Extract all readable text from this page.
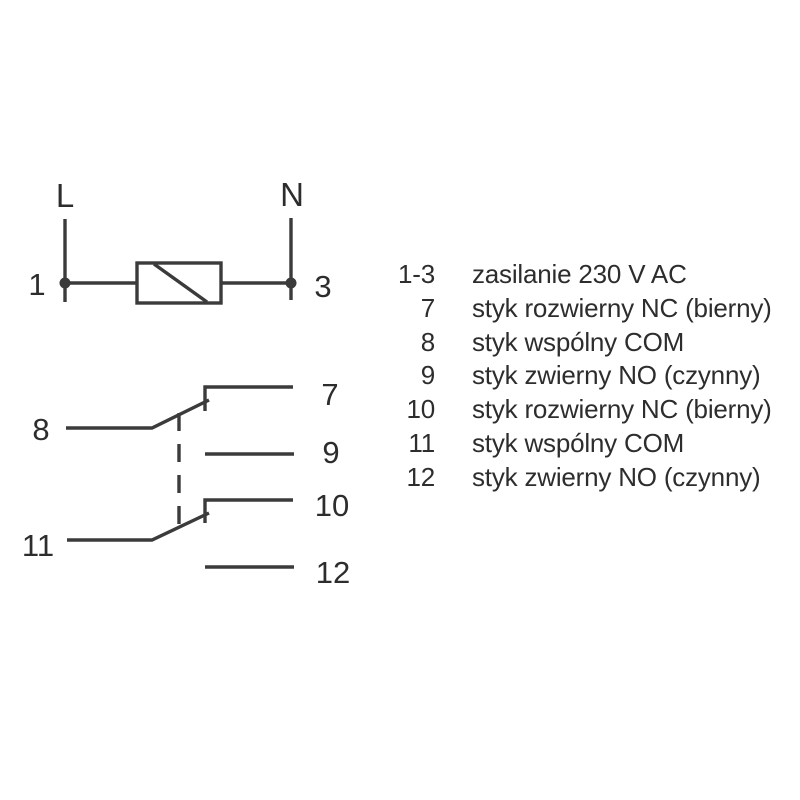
L	N
1	3
8
7
9
11
10
12
1-3 zasilanie 230 V AC
7 styk rozwierny NC (bierny)
8 styk wspólny COM
9 styk zwierny NO (czynny)
10 styk rozwierny NC (bierny)
11 styk wspólny COM
12 styk zwierny NO (czynny)
